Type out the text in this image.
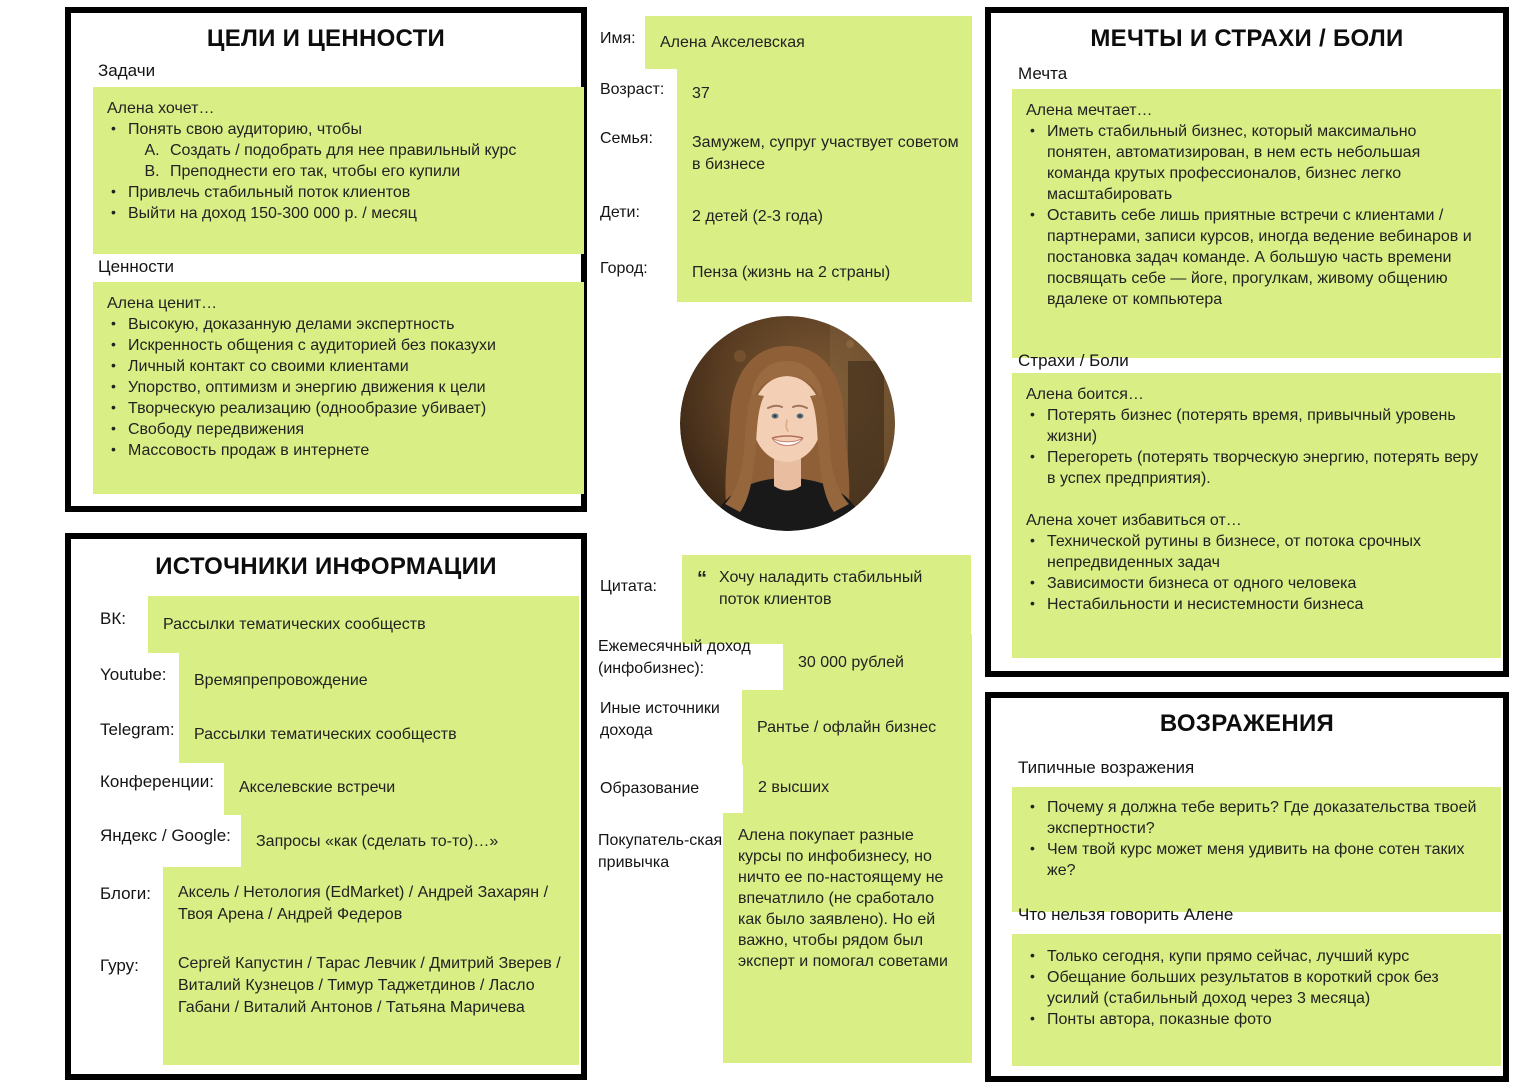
ЦЕЛИ И ЦЕННОСТИ
Задачи
Алена хочет…
• Понять свою аудиторию, чтобы
A. Создать / подобрать для нее правильный курс
B. Преподнести его так, чтобы его купили
• Привлечь стабильный поток клиентов
• Выйти на доход 150-300 000 р. / месяц
Ценности
Алена ценит…
• Высокую, доказанную делами экспертность
• Искренность общения с аудиторией без показухи
• Личный контакт со своими клиентами
• Упорство, оптимизм и энергию движения к цели
• Творческую реализацию (однообразие убивает)
• Свободу передвижения
• Массовость продаж в интернете
ИСТОЧНИКИ ИНФОРМАЦИИ
ВК:	Рассылки тематических сообществ
Youtube:	Времяпрепровождение
Telegram:	Рассылки тематических сообществ
Конференции:	Акселевские встречи
Яндекс / Google:	Запросы «как (сделать то-то)…»
Блоги:	Аксель / Нетология (EdMarket) / Андрей Захарян / Твоя Арена / Андрей Федеров
Гуру:	Сергей Капустин / Тарас Левчик / Дмитрий Зверев / Виталий Кузнецов / Тимур Таджетдинов / Ласло Габани / Виталий Антонов / Татьяна Маричева
Имя:	Алена Акселевская
Возраст:	37
Семья:	Замужем, супруг участвует советом в бизнесе
Дети:	2 детей (2-3 года)
Город:	Пенза (жизнь на 2 страны)
Цитата: “ Хочу наладить стабильный поток клиентов
Ежемесячный доход (инфобизнес):	30 000 рублей
Иные источники дохода	Рантье / офлайн бизнес
Образование	2 высших
Покупатель-ская привычка
Алена покупает разные курсы по инфобизнесу, но ничто ее по-настоящему не впечатлило (не сработало как было заявлено). Но ей важно, чтобы рядом был эксперт и помогал советами
МЕЧТЫ И СТРАХИ / БОЛИ
Мечта
Алена мечтает…
• Иметь стабильный бизнес, который максимально понятен, автоматизирован, в нем есть небольшая команда крутых профессионалов, бизнес легко масштабировать
• Оставить себе лишь приятные встречи с клиентами / партнерами, записи курсов, иногда ведение вебинаров и постановка задач команде. А большую часть времени посвящать себе — йоге, прогулкам, живому общению вдалеке от компьютера
Страхи / Боли
Алена боится…
• Потерять бизнес (потерять время, привычный уровень жизни)
• Перегореть (потерять творческую энергию, потерять веру в успех предприятия).
Алена хочет избавиться от…
• Технической рутины в бизнесе, от потока срочных непредвиденных задач
• Зависимости бизнеса от одного человека
• Нестабильности и несистемности бизнеса
ВОЗРАЖЕНИЯ
Типичные возражения
• Почему я должна тебе верить? Где доказательства твоей экспертности?
• Чем твой курс может меня удивить на фоне сотен таких же?
Что нельзя говорить Алене
• Только сегодня, купи прямо сейчас, лучший курс
• Обещание больших результатов в короткий срок без усилий (стабильный доход через 3 месяца)
• Понты автора, показные фото
